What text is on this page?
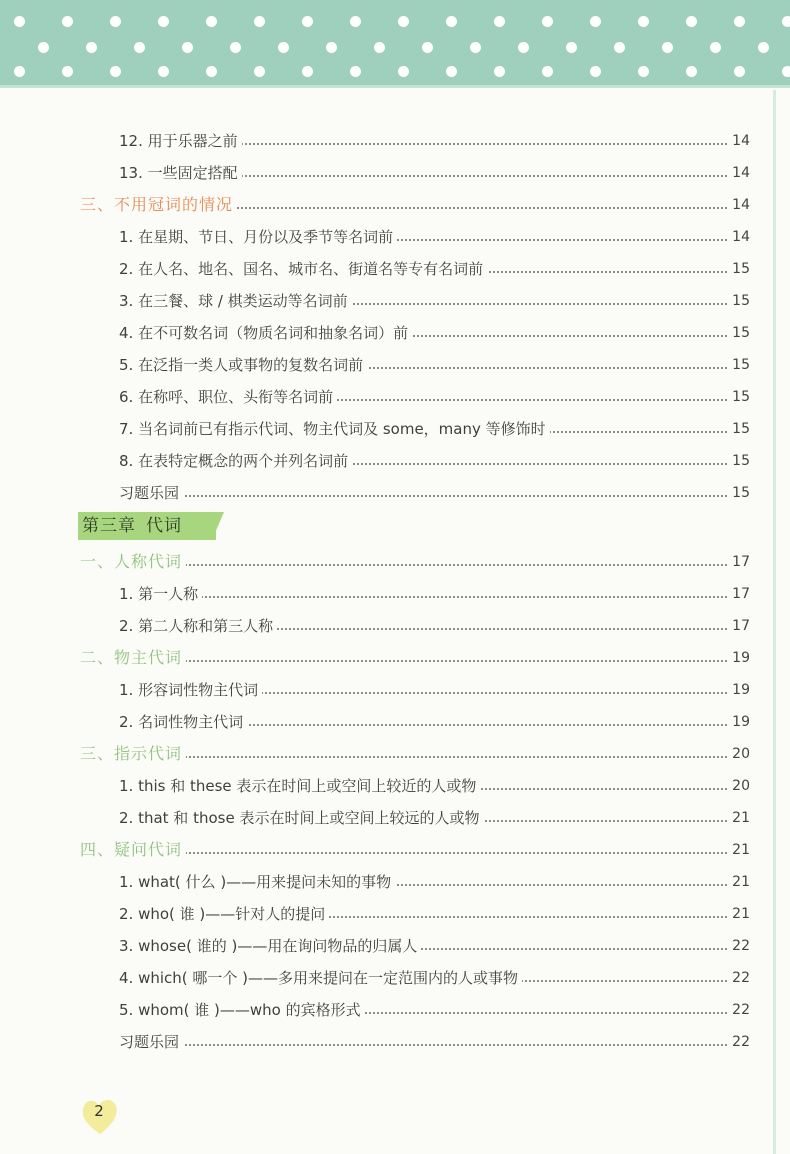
12. 用于乐器之前	14
13. 一些固定搭配	14
三、不用冠词的情况	14
1. 在星期、节日、月份以及季节等名词前	14
2. 在人名、地名、国名、城市名、街道名等专有名词前	15
3. 在三餐、球 / 棋类运动等名词前	15
4. 在不可数名词（物质名词和抽象名词）前	15
5. 在泛指一类人或事物的复数名词前	15
6. 在称呼、职位、头衔等名词前	15
7. 当名词前已有指示代词、物主代词及 some，many 等修饰时	15
8. 在表特定概念的两个并列名词前	15
习题乐园	15
第三章 代词
一、人称代词	17
1. 第一人称	17
2. 第二人称和第三人称	17
二、物主代词	19
1. 形容词性物主代词	19
2. 名词性物主代词	19
三、指示代词	20
1. this 和 these 表示在时间上或空间上较近的人或物	20
2. that 和 those 表示在时间上或空间上较远的人或物	21
四、疑问代词	21
1. what( 什么 )——用来提问未知的事物	21
2. who( 谁 )——针对人的提问	21
3. whose( 谁的 )——用在询问物品的归属人	22
4. which( 哪一个 )——多用来提问在一定范围内的人或事物	22
5. whom( 谁 )——who 的宾格形式	22
习题乐园	22
2
